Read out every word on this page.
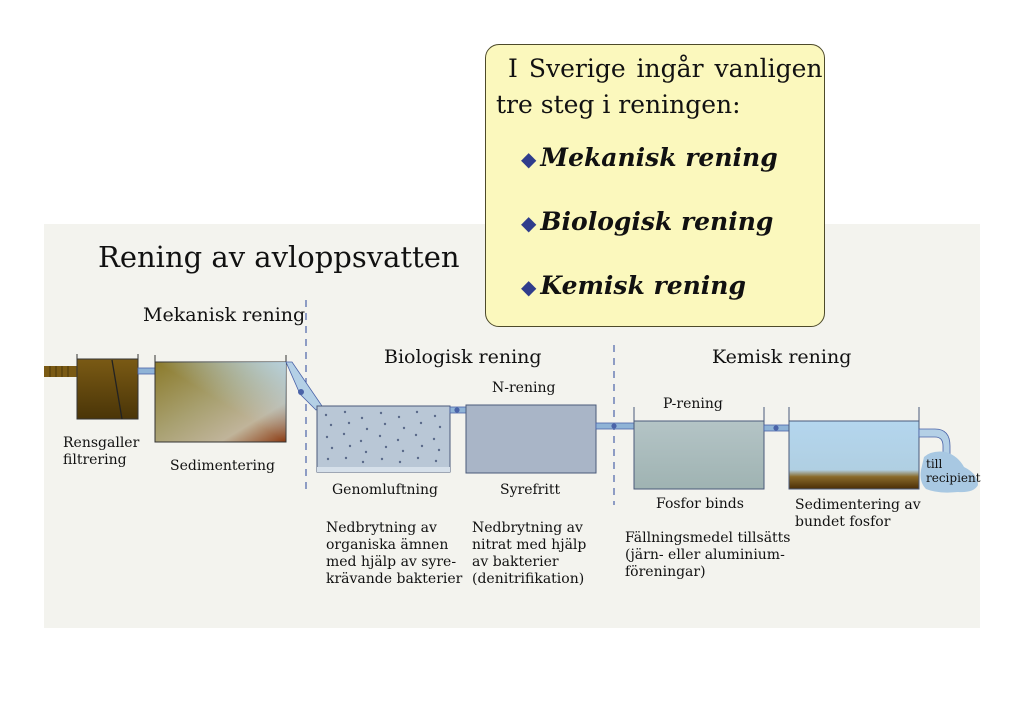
Rening av avloppsvatten
Mekanisk rening
Biologisk rening	Kemisk rening
Rensgaller
filtrering	Sedimentering
N-rening
Genomluftning	Syrefritt
P-rening
Fosfor binds	Sedimentering av
bundet fosfor
till
recipient
Nedbrytning av
organiska ämnen
med hjälp av syre-
krävande bakterier
Nedbrytning av
nitrat med hjälp
av bakterier
(denitrifikation)
Fällningsmedel tillsätts
(järn- eller aluminium-
föreningar)
I Sverige ingår vanligen
tre steg i reningen:
◆ Mekanisk rening
◆ Biologisk rening
◆ Kemisk rening
